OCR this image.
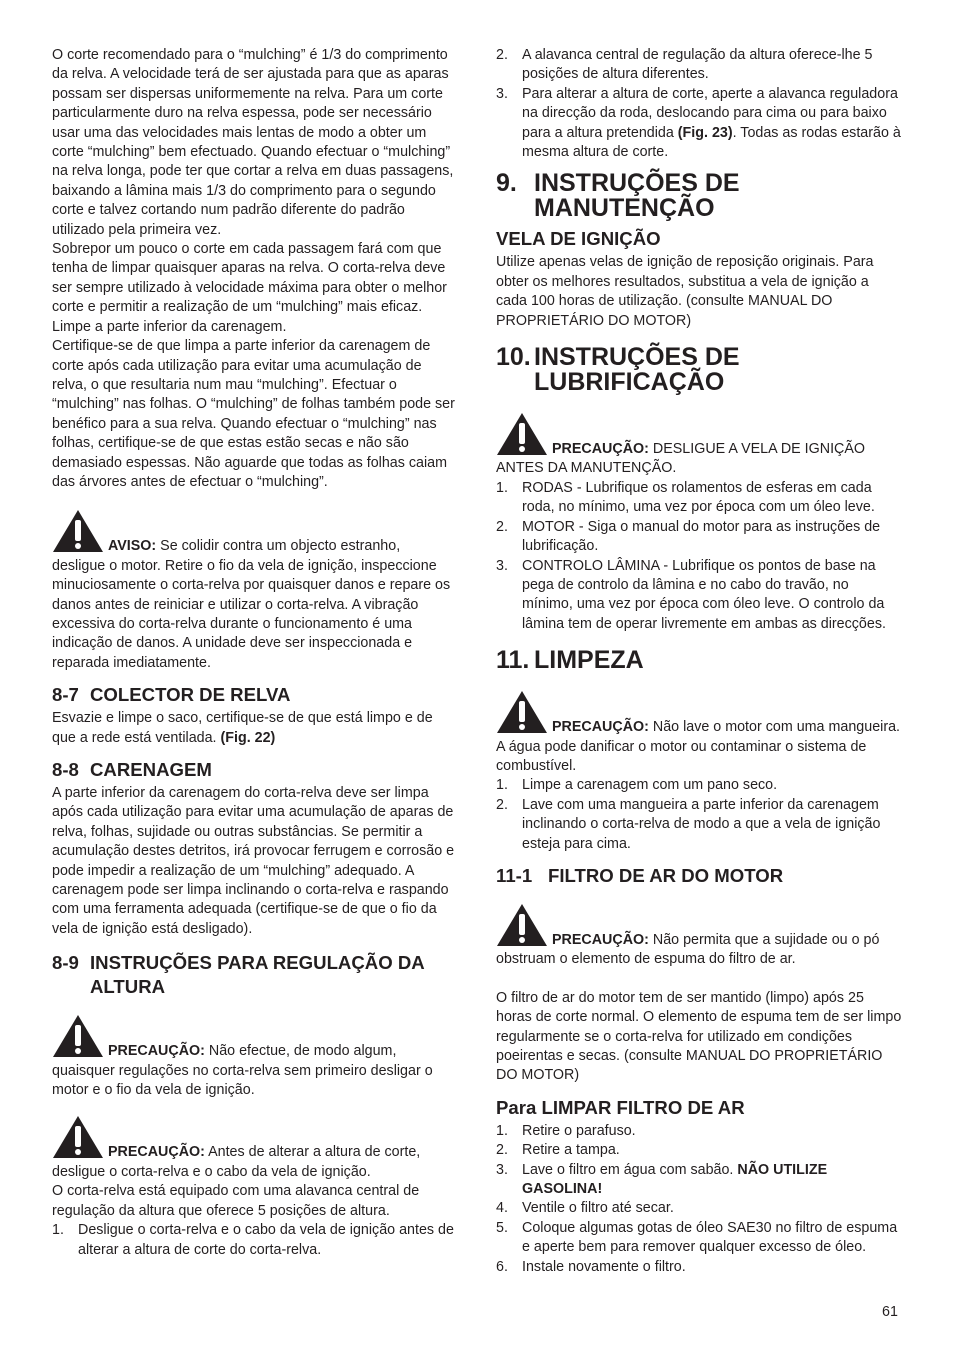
O corte recomendado para o “mulching” é 1/3 do comprimento da relva. A velocidade terá de ser ajustada para que as aparas possam ser dispersas uniformemente na relva. Para um corte particularmente duro na relva espessa, pode ser necessário usar uma das velocidades mais lentas de modo a obter um corte “mulching” bem efectuado. Quando efectuar o “mulching” na relva longa, pode ter que cortar a relva em duas passagens, baixando a lâmina mais 1/3 do comprimento para o segundo corte e talvez cortando num padrão diferente do padrão utilizado pela primeira vez.

Sobrepor um pouco o corte em cada passagem fará com que tenha de limpar quaisquer aparas na relva. O corta-relva deve ser sempre utilizado à velocidade máxima para obter o melhor corte e permitir a realização de um “mulching” mais eficaz. Limpe a parte inferior da carenagem.

Certifique-se de que limpa a parte inferior da carenagem de corte após cada utilização para evitar uma acumulação de relva, o que resultaria num mau “mulching”. Efectuar o “mulching” nas folhas. O “mulching” de folhas também pode ser benéfico para a sua relva. Quando efectuar o “mulching” nas folhas, certifique-se de que estas estão secas e não são demasiado espessas. Não aguarde que todas as folhas caiam das árvores antes de efectuar o “mulching”.

AVISO: Se colidir contra um objecto estranho, desligue o motor. Retire o fio da vela de ignição, inspeccione minuciosamente o corta-relva por quaisquer danos e repare os danos antes de reiniciar e utilizar o corta-relva. A vibração excessiva do corta-relva durante o funcionamento é uma indicação de danos. A unidade deve ser inspeccionada e reparada imediatamente.

8-7 COLECTOR DE RELVA

Esvazie e limpe o saco, certifique-se de que está limpo e de que a rede está ventilada. (Fig. 22)

8-8 CARENAGEM

A parte inferior da carenagem do corta-relva deve ser limpa após cada utilização para evitar uma acumulação de aparas de relva, folhas, sujidade ou outras substâncias. Se permitir a acumulação destes detritos, irá provocar ferrugem e corrosão e pode impedir a realização de um “mulching” adequado. A carenagem pode ser limpa inclinando o corta-relva e raspando com uma ferramenta adequada (certifique-se de que o fio da vela de ignição está desligado).

8-9 INSTRUÇÕES PARA REGULAÇÃO DA ALTURA

PRECAUÇÃO: Não efectue, de modo algum, quaisquer regulações no corta-relva sem primeiro desligar o motor e o fio da vela de ignição.

PRECAUÇÃO: Antes de alterar a altura de corte, desligue o corta-relva e o cabo da vela de ignição.

O corta-relva está equipado com uma alavanca central de regulação da altura que oferece 5 posições de altura.

1. Desligue o corta-relva e o cabo da vela de ignição antes de alterar a altura de corte do corta-relva.
2. A alavanca central de regulação da altura oferece-lhe 5 posições de altura diferentes.
3. Para alterar a altura de corte, aperte a alavanca reguladora na direcção da roda, deslocando para cima ou para baixo para a altura pretendida (Fig. 23). Todas as rodas estarão à mesma altura de corte.
9. INSTRUÇÕES DE MANUTENÇÃO
VELA DE IGNIÇÃO

Utilize apenas velas de ignição de reposição originais. Para obter os melhores resultados, substitua a vela de ignição a cada 100 horas de utilização. (consulte MANUAL DO PROPRIETÁRIO DO MOTOR)

10. INSTRUÇÕES DE LUBRIFICAÇÃO

PRECAUÇÃO: DESLIGUE A VELA DE IGNIÇÃO ANTES DA MANUTENÇÃO.

1. RODAS - Lubrifique os rolamentos de esferas em cada roda, no mínimo, uma vez por época com um óleo leve.
2. MOTOR - Siga o manual do motor para as instruções de lubrificação.
3. CONTROLO LÂMINA - Lubrifique os pontos de base na pega de controlo da lâmina e no cabo do travão, no mínimo, uma vez por época com óleo leve. O controlo da lâmina tem de operar livremente em ambas as direcções.
11. LIMPEZA

PRECAUÇÃO: Não lave o motor com uma mangueira. A água pode danificar o motor ou contaminar o sistema de combustível.

1. Limpe a carenagem com um pano seco.
2. Lave com uma mangueira a parte inferior da carenagem inclinando o corta-relva de modo a que a vela de ignição esteja para cima.
11-1 FILTRO DE AR DO MOTOR

PRECAUÇÃO: Não permita que a sujidade ou o pó obstruam o elemento de espuma do filtro de ar.

O filtro de ar do motor tem de ser mantido (limpo) após 25 horas de corte normal. O elemento de espuma tem de ser limpo regularmente se o corta-relva for utilizado em condições poeirentas e secas. (consulte MANUAL DO PROPRIETÁRIO DO MOTOR)

Para LIMPAR FILTRO DE AR
1. Retire o parafuso.
2. Retire a tampa.
3. Lave o filtro em água com sabão. NÃO UTILIZE GASOLINA!
4. Ventile o filtro até secar.
5. Coloque algumas gotas de óleo SAE30 no filtro de espuma e aperte bem para remover qualquer excesso de óleo.
6. Instale novamente o filtro.
61
